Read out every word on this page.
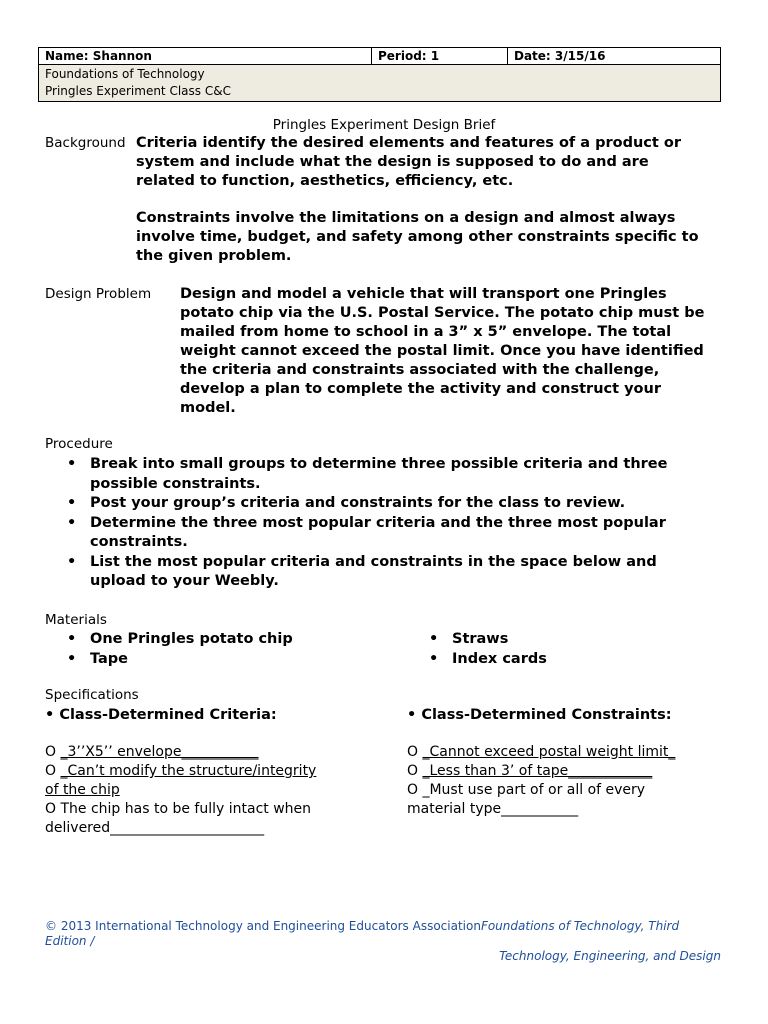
Name: Shannon	Period: 1	Date: 3/15/16

Foundations of Technology
Pringles Experiment Class C&C
Pringles Experiment Design Brief
Background Criteria identify the desired elements and features of a product or
system and include what the design is supposed to do and are
related to function, aesthetics, efficiency, etc.
Constraints involve the limitations on a design and almost always
involve time, budget, and safety among other constraints specific to
the given problem.
Design Problem Design and model a vehicle that will transport one Pringles
potato chip via the U.S. Postal Service. The potato chip must be
mailed from home to school in a 3” x 5” envelope. The total
weight cannot exceed the postal limit. Once you have identified
the criteria and constraints associated with the challenge,
develop a plan to complete the activity and construct your
model.
Procedure
• Break into small groups to determine three possible criteria and three
possible constraints.
• Post your group’s criteria and constraints for the class to review.
• Determine the three most popular criteria and the three most popular
constraints.
• List the most popular criteria and constraints in the space below and
upload to your Weebly.
Materials
• One Pringles potato chip
• Tape
• Straws
• Index cards
Specifications
• Class-Determined Criteria:	• Class-Determined Constraints:
O _3’’X5’’ envelope___________
O _Can’t modify the structure/integrity
of the chip
O The chip has to be fully intact when
delivered______________________
O _Cannot exceed postal weight limit_
O _Less than 3’ of tape____________
O _Must use part of or all of every
material type___________
© 2013 International Technology and Engineering Educators AssociationFoundations of Technology, Third
Edition /
Technology, Engineering, and Design
